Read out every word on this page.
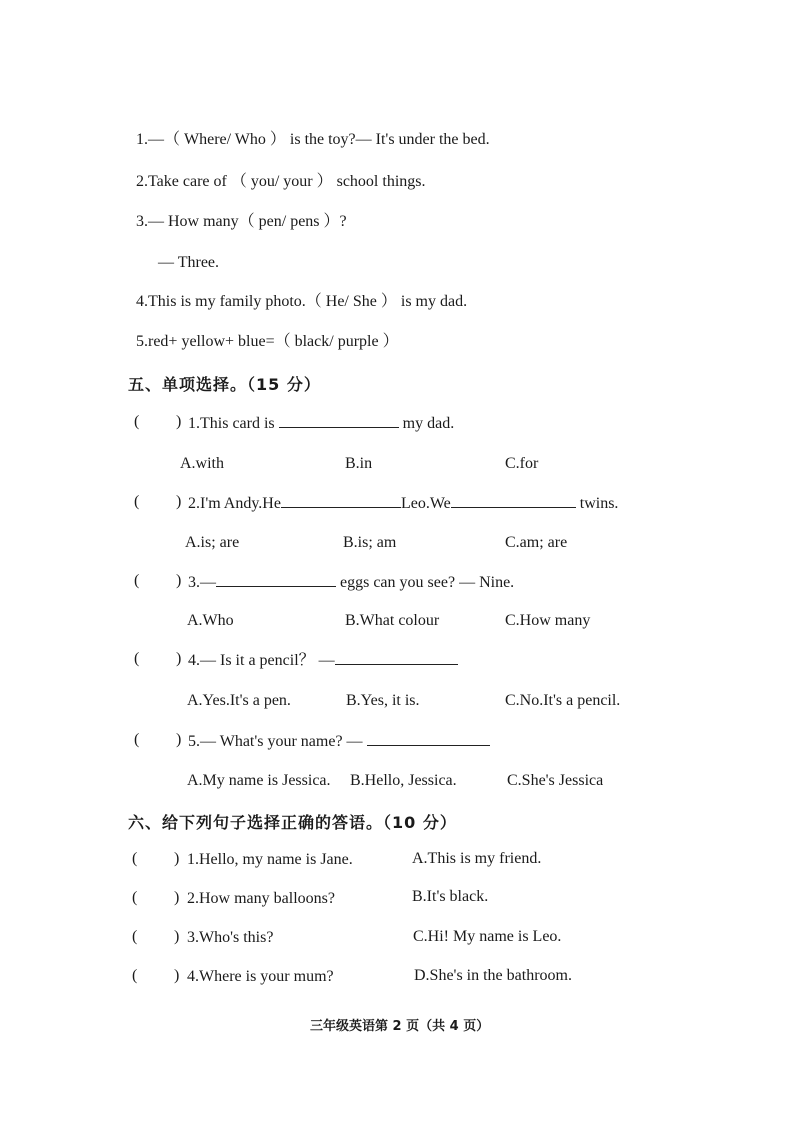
1.—（ Where/ Who ） is the toy?— It's under the bed.
2.Take care of （ you/ your ） school things.
3.— How many（ pen/ pens ）?
— Three.
4.This is my family photo.（ He/ She ） is my dad.
5.red+ yellow+ blue=（ black/ purple ）
五、单项选择。（15 分）
( ) 1.This card is	my dad.
A.with	B.in	C.for
( ) 2.I'm Andy.He	Leo.We	twins.
A.is; are	B.is; am	C.am; are
( ) 3.—	eggs can you see? — Nine.
A.Who	B.What colour	C.How many
( ) 4.— Is it a pencil？ —
A.Yes.It's a pen.	B.Yes, it is.	C.No.It's a pencil.
( ) 5.— What's your name? —
A.My name is Jessica. B.Hello, Jessica.	C.She's Jessica
六、给下列句子选择正确的答语。（10 分）
( ) 1.Hello, my name is Jane.	A.This is my friend.
( ) 2.How many balloons?	B.It's black.
( ) 3.Who's this?	C.Hi! My name is Leo.
( ) 4.Where is your mum?	D.She's in the bathroom.
三年级英语第 2 页（共 4 页）
